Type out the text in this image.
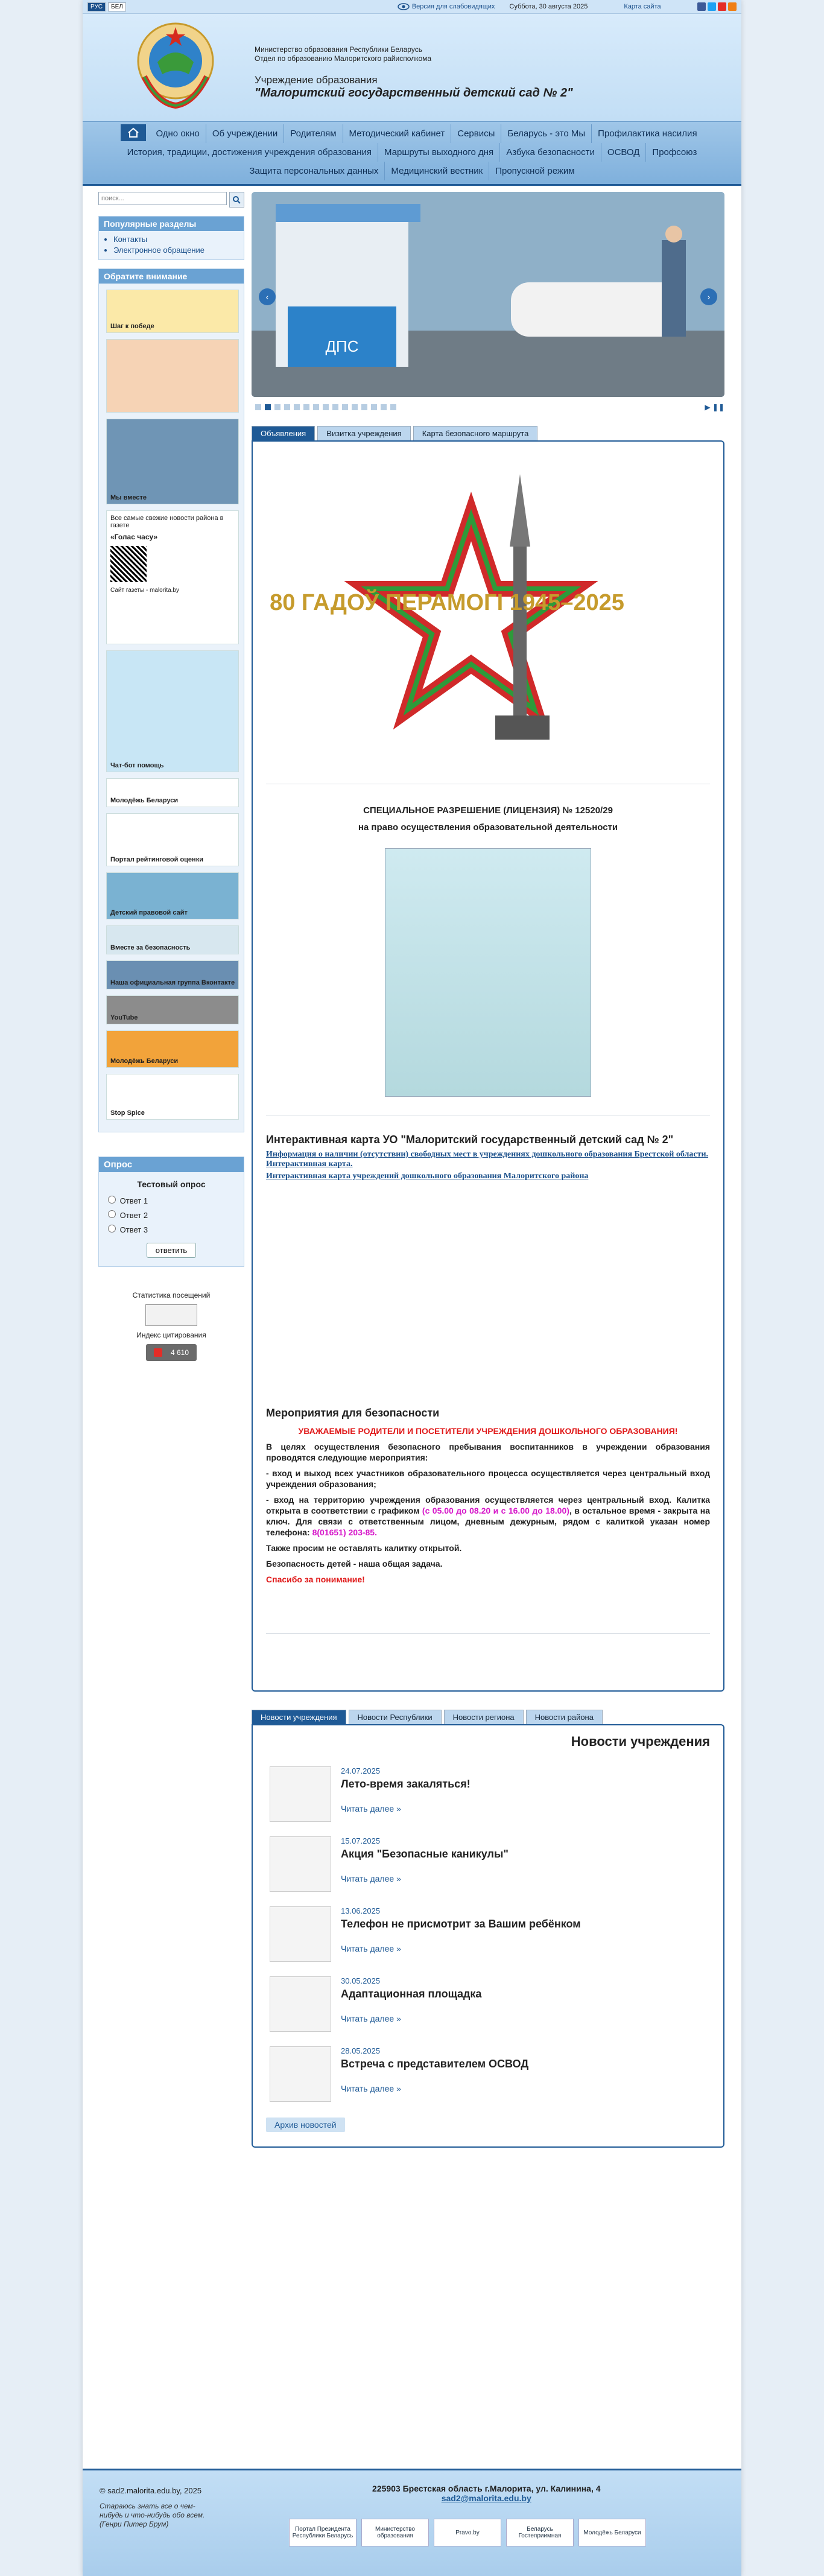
РУС	БЕЛ	Версия для слабовидящих Суббота, 30 августа 2025	Карта сайта
Министерство образования Республики Беларусь
Отдел по образованию Малоритского райисполкома
Учреждение образования
"Малоритский государственный детский сад № 2"
Одно окно	Об учреждении	Родителям	Методический кабинет	Сервисы	Беларусь - это Мы	Профилактика насилия
История, традиции, достижения учреждения образования	Маршруты выходного дня	Азбука безопасности	ОСВОД	Профсоюз
Защита персональных данных	Медицинский вестник	Пропускной режим
поиск...
Популярные разделы
• Контакты
• Электронное обращение
Обратите внимание
Шаг к победе
Мы вместе
Все самые свежие новости района в газете
«Голас часу»
Сайт газеты - malorita.by
Чат-бот помощь
Молодёжь Беларуси
Портал рейтинговой оценки
Детский правовой сайт
Вместе за безопасность
Наша официальная группа Вконтакте
YouTube
Молодёжь Беларуси
Stop Spice
Опрос
Тестовый опрос
Ответ 1
Ответ 2
Ответ 3
ответить
Статистика посещений
Индекс цитирования
4 610
ДПС
‹	›
▶ ❚❚
Объявления	Визитка учреждения	Карта безопасного маршрута
80 ГАДОЎ ПЕРАМОГІ 1945–2025
СПЕЦИАЛЬНОЕ РАЗРЕШЕНИЕ (ЛИЦЕНЗИЯ) № 12520/29
на право осуществления образовательной деятельности
Интерактивная карта УО "Малоритский государственный детский сад № 2"

Информация о наличии (отсутствии) свободных мест в учреждениях дошкольного образования Брестской области. Интерактивная карта.

Интерактивная карта учреждений дошкольного образования Малоритского района

Мероприятия для безопасности

УВАЖАЕМЫЕ РОДИТЕЛИ И ПОСЕТИТЕЛИ УЧРЕЖДЕНИЯ ДОШКОЛЬНОГО ОБРАЗОВАНИЯ!

В целях осуществления безопасного пребывания воспитанников в учреждении образования проводятся следующие мероприятия:

- вход и выход всех участников образовательного процесса осуществляется через центральный вход учреждения образования;

- вход на территорию учреждения образования осуществляется через центральный вход. Калитка открыта в соответствии с графиком (с 05.00 до 08.20 и с 16.00 до 18.00), в остальное время - закрыта на ключ. Для связи с ответственным лицом, дневным дежурным, рядом с калиткой указан номер телефона: 8(01651) 203-85.

Также просим не оставлять калитку открытой.

Безопасность детей - наша общая задача.

Спасибо за понимание!

Новости учреждения	Новости Республики	Новости региона	Новости района
Новости учреждения
24.07.2025
Лето-время закаляться!
Читать далее »
15.07.2025
Акция "Безопасные каникулы"
Читать далее »
13.06.2025
Телефон не присмотрит за Вашим ребёнком
Читать далее »
30.05.2025
Адаптационная площадка
Читать далее »
28.05.2025
Встреча с представителем ОСВОД
Читать далее »
Архив новостей
© sad2.malorita.edu.by, 2025
Стараюсь знать все о чем-нибудь и что-нибудь обо всем. (Генри Питер Брум)
225903 Брестская область г.Малорита, ул. Калинина, 4
sad2@malorita.edu.by
Портал Президента Республики Беларусь
Министерство образования	Pravo.by	Беларусь Гостеприимная	Молодёжь Беларуси
